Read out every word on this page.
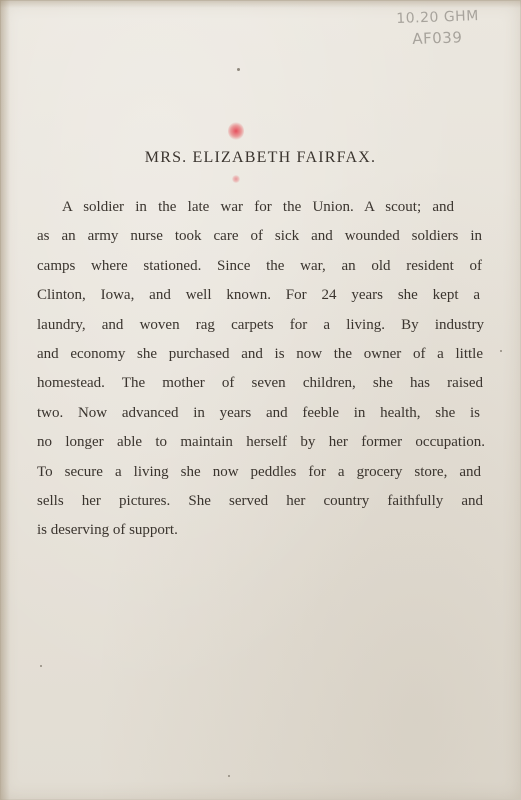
10.20 GHM
AF039
MRS. ELIZABETH FAIRFAX.
A soldier in the late war for the Union. A scout; and
as an army nurse took care of sick and wounded soldiers in
camps where stationed. Since the war, an old resident of
Clinton, Iowa, and well known. For 24 years she kept a
laundry, and woven rag carpets for a living. By industry
and economy she purchased and is now the owner of a little
homestead. The mother of seven children, she has raised
two. Now advanced in years and feeble in health, she is
no longer able to maintain herself by her former occupation.
To secure a living she now peddles for a grocery store, and
sells her pictures. She served her country faithfully and
is deserving of support.
